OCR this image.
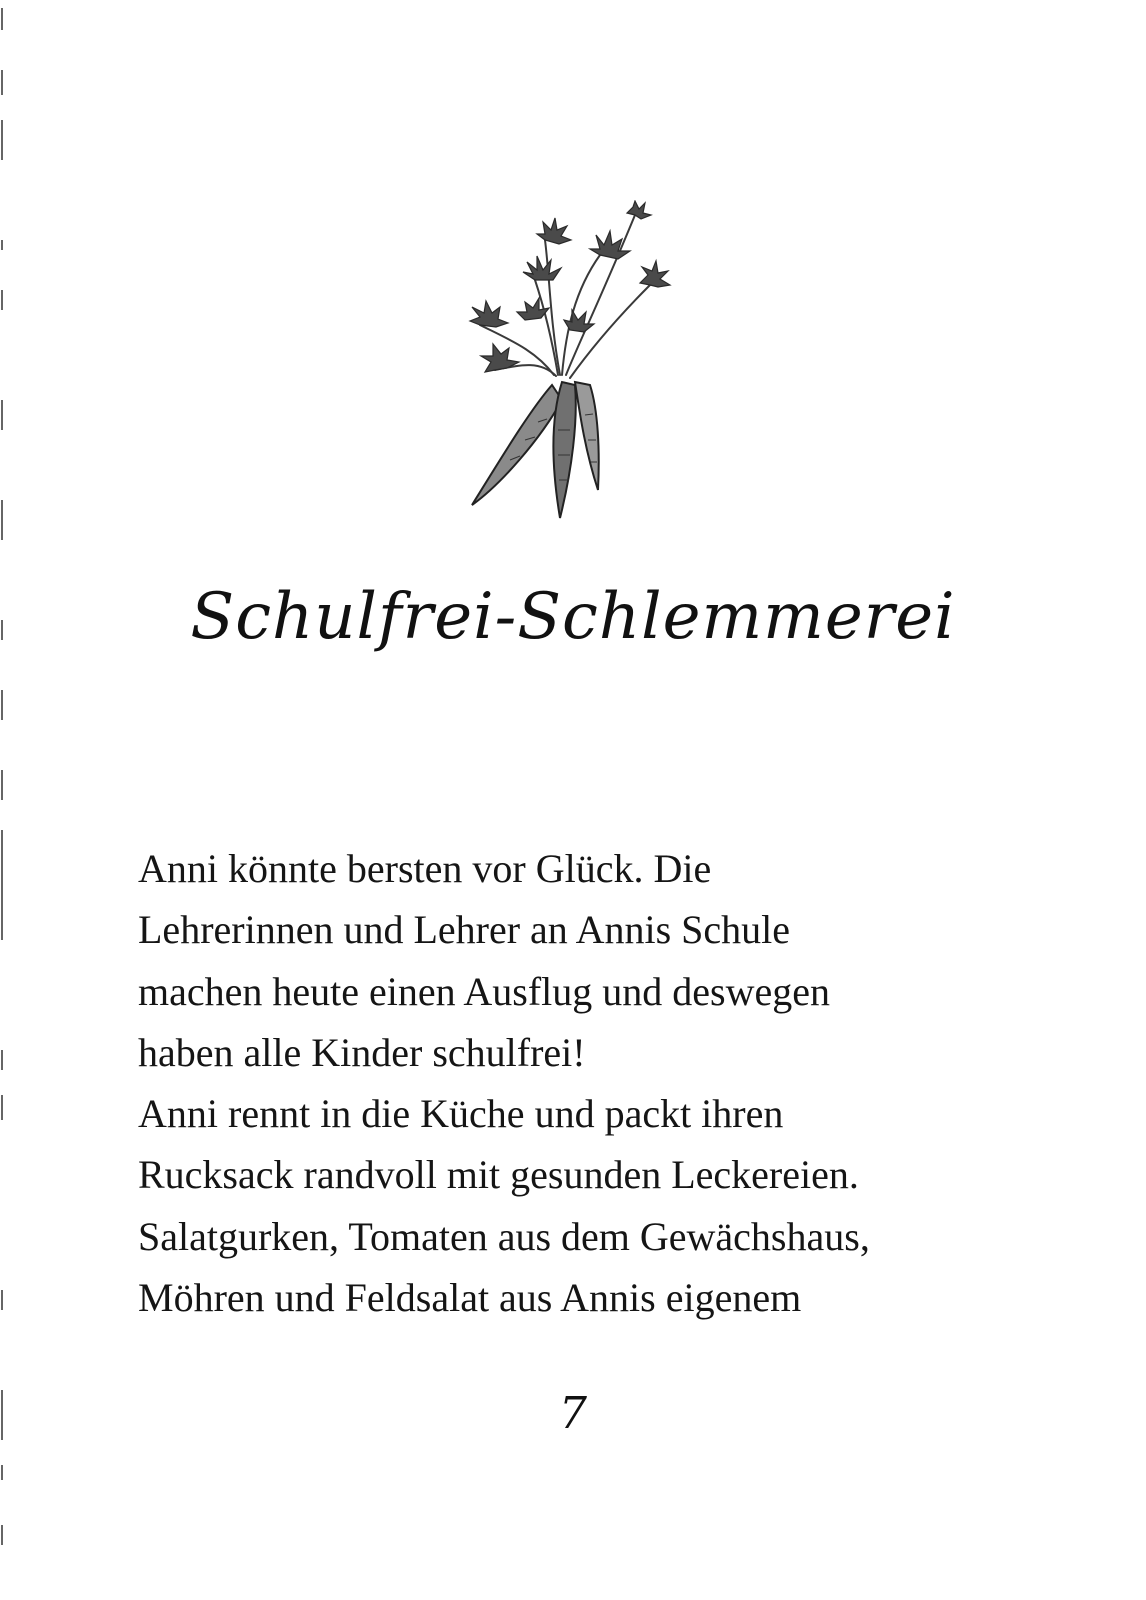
Schulfrei-Schlemmerei
Anni könnte bersten vor Glück. Die
Lehrerinnen und Lehrer an Annis Schule
machen heute einen Ausflug und deswegen
haben alle Kinder schulfrei!
Anni rennt in die Küche und packt ihren
Rucksack randvoll mit gesunden Leckereien.
Salatgurken, Tomaten aus dem Gewächshaus,
Möhren und Feldsalat aus Annis eigenem
7
